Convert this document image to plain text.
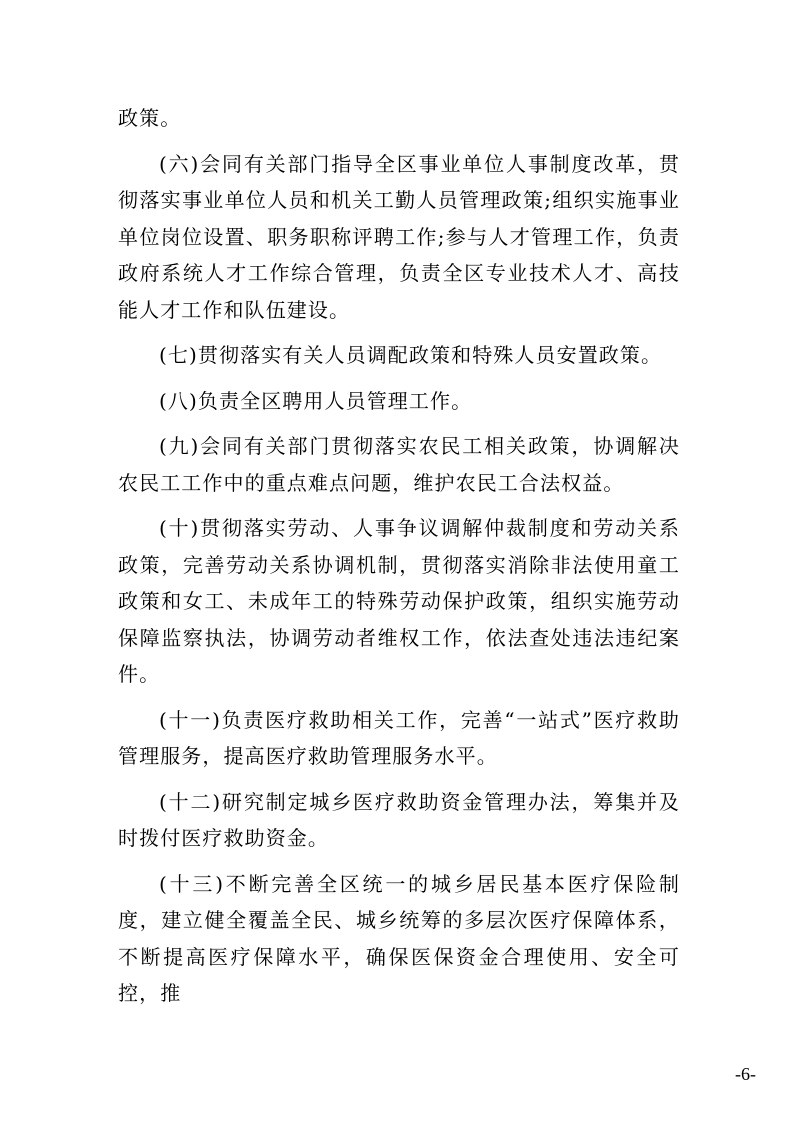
政策。

(六)会同有关部门指导全区事业单位人事制度改革，贯彻落实事业单位人员和机关工勤人员管理政策;组织实施事业单位岗位设置、职务职称评聘工作;参与人才管理工作，负责政府系统人才工作综合管理，负责全区专业技术人才、高技能人才工作和队伍建设。

(七)贯彻落实有关人员调配政策和特殊人员安置政策。

(八)负责全区聘用人员管理工作。

(九)会同有关部门贯彻落实农民工相关政策，协调解决农民工工作中的重点难点问题，维护农民工合法权益。

(十)贯彻落实劳动、人事争议调解仲裁制度和劳动关系政策，完善劳动关系协调机制，贯彻落实消除非法使用童工政策和女工、未成年工的特殊劳动保护政策，组织实施劳动保障监察执法，协调劳动者维权工作，依法查处违法违纪案件。

(十一)负责医疗救助相关工作，完善“一站式”医疗救助管理服务，提高医疗救助管理服务水平。

(十二)研究制定城乡医疗救助资金管理办法，筹集并及时拨付医疗救助资金。

(十三)不断完善全区统一的城乡居民基本医疗保险制度，建立健全覆盖全民、城乡统筹的多层次医疗保障体系，不断提高医疗保障水平，确保医保资金合理使用、安全可控，推

-6-
